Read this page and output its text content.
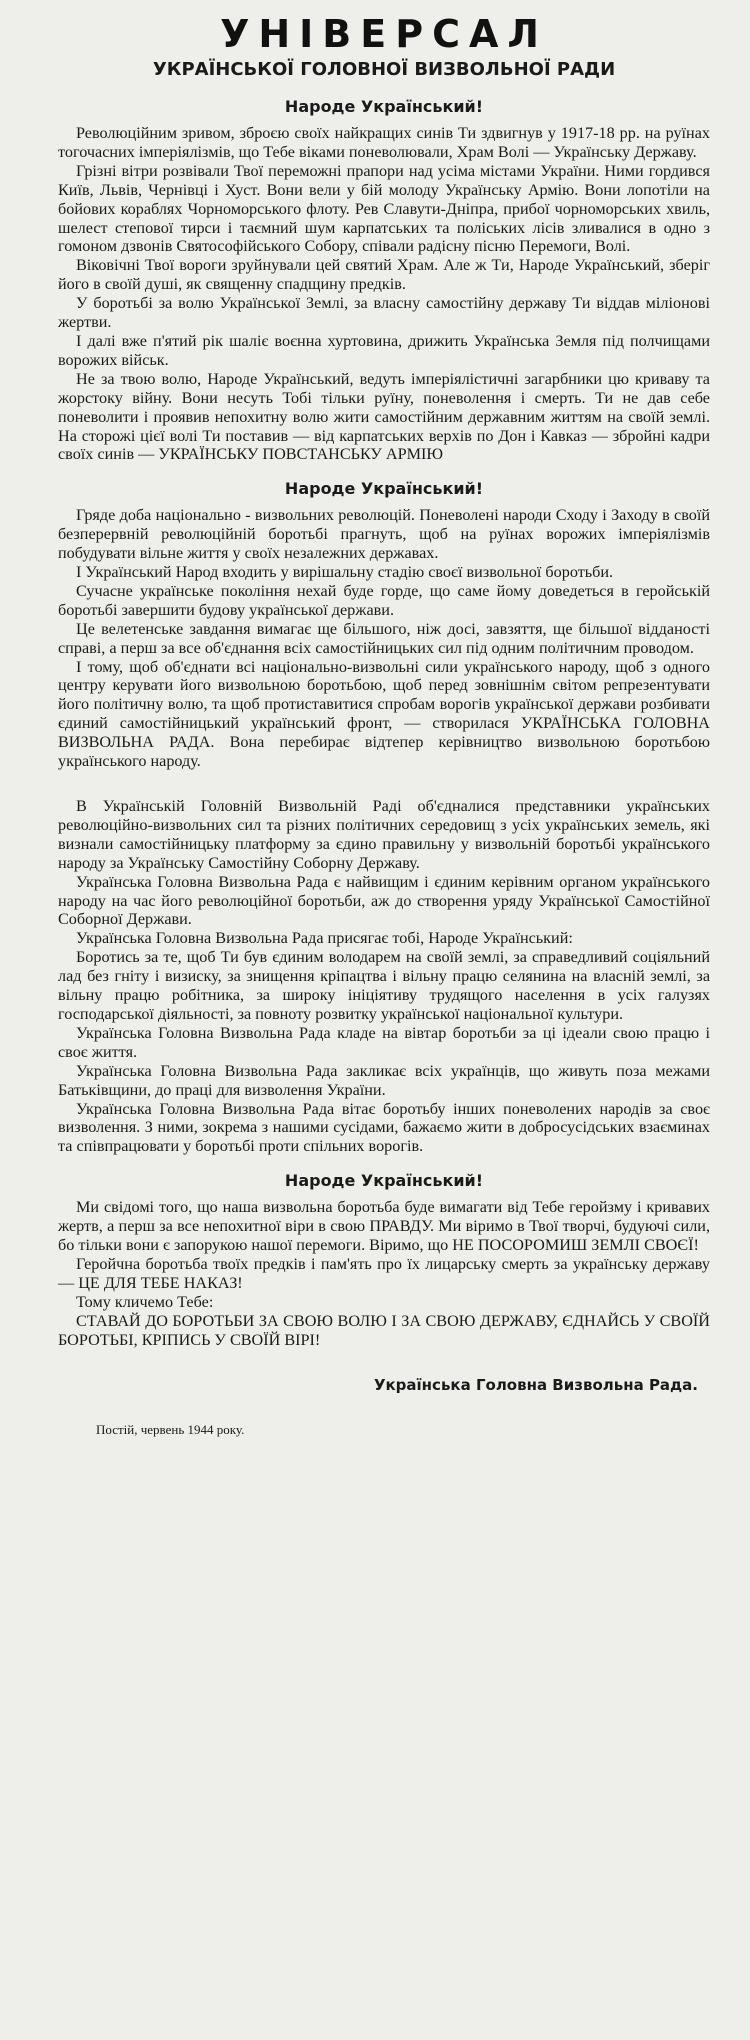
УНІВЕРСАЛ
УКРАЇНСЬКОЇ ГОЛОВНОЇ ВИЗВОЛЬНОЇ РАДИ
Народе Український!

Революційним зривом, зброєю своїх найкращих синів Ти здвигнув у 1917-18 рр. на руїнах тогочасних імперіялізмів, що Тебе віками поневолювали, Храм Волі — Українську Державу.

Грізні вітри розвівали Твої переможні прапори над усіма містами України. Ними гордився Київ, Львів, Чернівці і Хуст. Вони вели у бій молоду Українську Армію. Вони лопотіли на бойових кораблях Чорноморського флоту. Рев Славути-Дніпра, прибої чорноморських хвиль, шелест степової тирси і таємний шум карпатських та поліських лісів зливалися в одно з гомоном дзвонів Святософійського Собору, співали радісну пісню Перемоги, Волі.

Віковічні Твої вороги зруйнували цей святий Храм. Але ж Ти, Народе Український, зберіг його в своїй душі, як священну спадщину предків.

У боротьбі за волю Української Землі, за власну самостійну державу Ти віддав міліонові жертви.

І далі вже п'ятий рік шаліє воєнна хуртовина, дрижить Українська Земля під полчищами ворожих військ.

Не за твою волю, Народе Український, ведуть імперіялістичні загарбники цю криваву та жорстоку війну. Вони несуть Тобі тільки руїну, поневолення і смерть. Ти не дав себе поневолити і проявив непохитну волю жити самостійним державним життям на своїй землі. На сторожі цієї волі Ти поставив — від карпатських верхів по Дон і Кавказ — збройні кадри своїх синів — УКРАЇНСЬКУ ПОВСТАНСЬКУ АРМІЮ

Народе Український!

Гряде доба національно - визвольних революцій. Поневолені народи Сходу і Заходу в своїй безперервній революційній боротьбі прагнуть, щоб на руїнах ворожих імперіялізмів побудувати вільне життя у своїх незалежних державах.

І Український Народ входить у вирішальну стадію своєї визвольної боротьби.

Сучасне українське покоління нехай буде горде, що саме йому доведеться в геройській боротьбі завершити будову української держави.

Це велетенське завдання вимагає ще більшого, ніж досі, завзяття, ще більшої відданості справі, а перш за все об'єднання всіх самостійницьких сил під одним політичним проводом.

І тому, щоб об'єднати всі національно-визвольні сили українського народу, щоб з одного центру керувати його визвольною боротьбою, щоб перед зовнішнім світом репрезентувати його політичну волю, та щоб протиставитися спробам ворогів української держави розбивати єдиний самостійницький український фронт, — створилася УКРАЇНСЬКА ГОЛОВНА ВИЗВОЛЬНА РАДА. Вона перебирає відтепер керівництво визвольною боротьбою українського народу.

В Українській Головній Визвольній Раді об'єдналися представники українських революційно-визвольних сил та різних політичних середовищ з усіх українських земель, які визнали самостійницьку платформу за єдино правильну у визвольній боротьбі українського народу за Українську Самостійну Соборну Державу.

Українська Головна Визвольна Рада є найвищим і єдиним керівним органом українського народу на час його революційної боротьби, аж до створення уряду Української Самостійної Соборної Держави.

Українська Головна Визвольна Рада присягає тобі, Народе Український:

Боротись за те, щоб Ти був єдиним володарем на своїй землі, за справедливий соціяльний лад без гніту і визиску, за знищення кріпацтва і вільну працю селянина на власній землі, за вільну працю робітника, за широку ініціятиву трудящого населення в усіх галузях господарської діяльності, за повноту розвитку української національної культури.

Українська Головна Визвольна Рада кладе на вівтар боротьби за ці ідеали свою працю і своє життя.

Українська Головна Визвольна Рада закликає всіх українців, що живуть поза межами Батьківщини, до праці для визволення України.

Українська Головна Визвольна Рада вітає боротьбу інших поневолених народів за своє визволення. З ними, зокрема з нашими сусідами, бажаємо жити в добросусідських взаєминах та співпрацювати у боротьбі проти спільних ворогів.

Народе Український!

Ми свідомі того, що наша визвольна боротьба буде вимагати від Тебе геройзму і кривавих жертв, а перш за все непохитної віри в свою ПРАВДУ. Ми віримо в Твої творчі, будуючі сили, бо тільки вони є запорукою нашої перемоги. Віримо, що НЕ ПОСОРОМИШ ЗЕМЛІ СВОЄЇ!

Геройчна боротьба твоїх предків і пам'ять про їх лицарську смерть за українську державу — ЦЕ ДЛЯ ТЕБЕ НАКАЗ!

Тому кличемо Тебе:

СТАВАЙ ДО БОРОТЬБИ ЗА СВОЮ ВОЛЮ І ЗА СВОЮ ДЕРЖАВУ, ЄДНАЙСЬ У СВОЇЙ БОРОТЬБІ, КРІПИСЬ У СВОЇЙ ВІРІ!

Українська Головна Визвольна Рада.
Постій, червень 1944 року.
